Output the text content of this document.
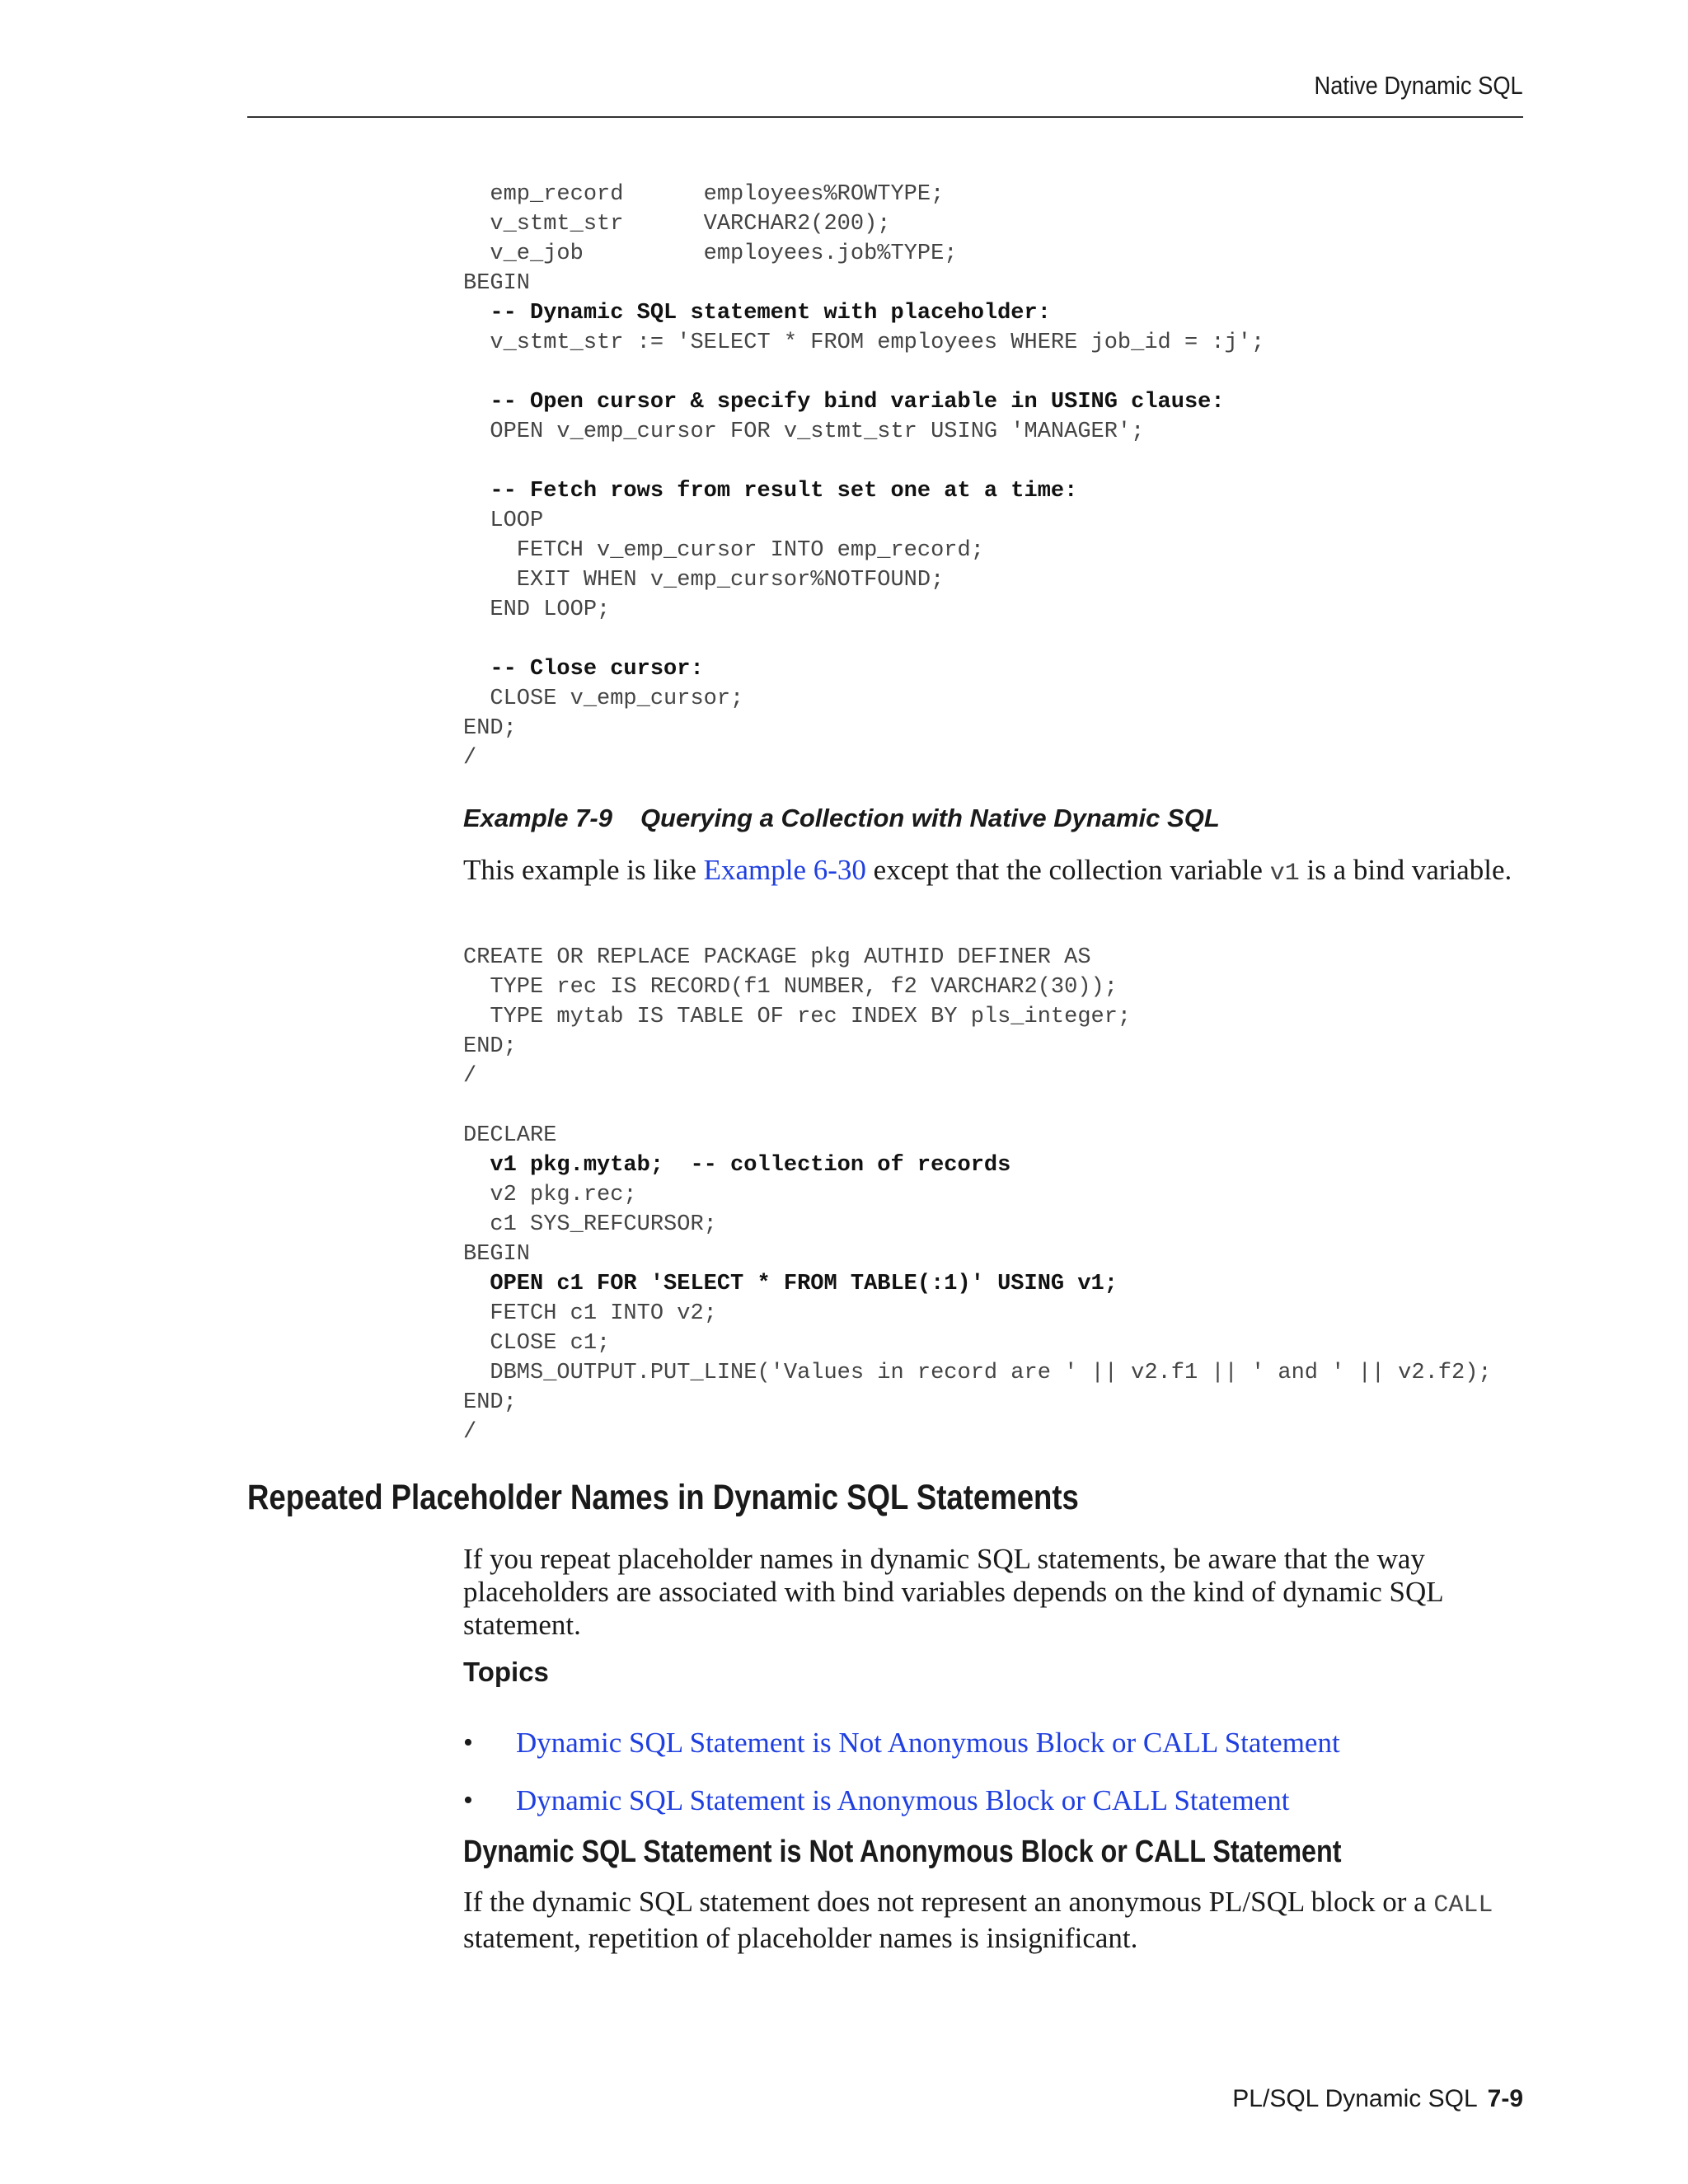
Native Dynamic SQL
emp_record      employees%ROWTYPE;
v_stmt_str      VARCHAR2(200);
v_e_job         employees.job%TYPE;
BEGIN
-- Dynamic SQL statement with placeholder:
v_stmt_str := 'SELECT * FROM employees WHERE job_id = :j';
-- Open cursor & specify bind variable in USING clause:
OPEN v_emp_cursor FOR v_stmt_str USING 'MANAGER';
-- Fetch rows from result set one at a time:
LOOP
FETCH v_emp_cursor INTO emp_record;
EXIT WHEN v_emp_cursor%NOTFOUND;
END LOOP;
-- Close cursor:
CLOSE v_emp_cursor;
END;
/
Example 7-9 Querying a Collection with Native Dynamic SQL

This example is like Example 6-30 except that the collection variable v1 is a bind variable.

CREATE OR REPLACE PACKAGE pkg AUTHID DEFINER AS
TYPE rec IS RECORD(f1 NUMBER, f2 VARCHAR2(30));
TYPE mytab IS TABLE OF rec INDEX BY pls_integer;
END;
/
DECLARE
v1 pkg.mytab;  -- collection of records
v2 pkg.rec;
c1 SYS_REFCURSOR;
BEGIN
OPEN c1 FOR 'SELECT * FROM TABLE(:1)' USING v1;
FETCH c1 INTO v2;
CLOSE c1;
DBMS_OUTPUT.PUT_LINE('Values in record are ' || v2.f1 || ' and ' || v2.f2);
END;
/
Repeated Placeholder Names in Dynamic SQL Statements

If you repeat placeholder names in dynamic SQL statements, be aware that the way placeholders are associated with bind variables depends on the kind of dynamic SQL statement.

Topics
•	Dynamic SQL Statement is Not Anonymous Block or CALL Statement
•	Dynamic SQL Statement is Anonymous Block or CALL Statement
Dynamic SQL Statement is Not Anonymous Block or CALL Statement

If the dynamic SQL statement does not represent an anonymous PL/SQL block or a CALL statement, repetition of placeholder names is insignificant.

PL/SQL Dynamic SQL 7-9
